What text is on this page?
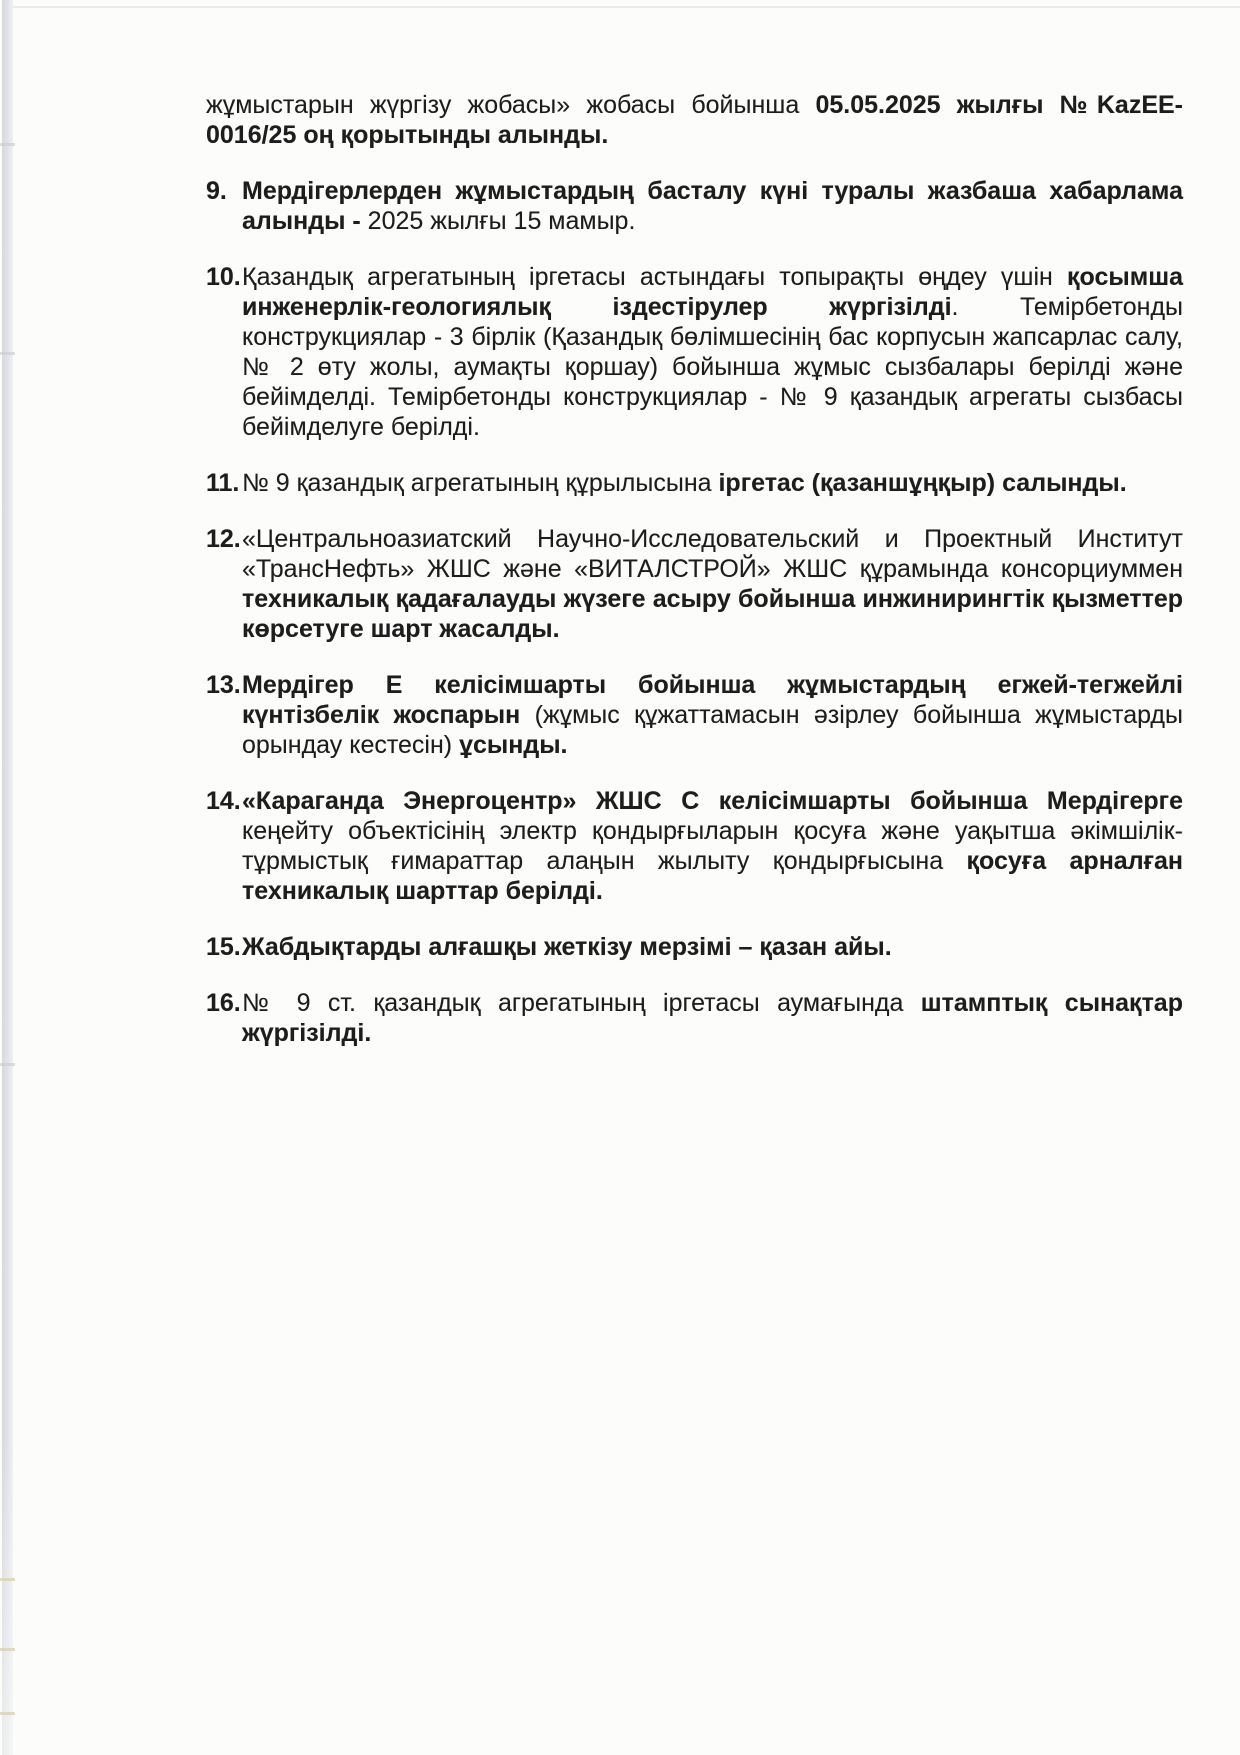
жұмыстарын жүргізу жобасы» жобасы бойынша 05.05.2025 жылғы №KazEE-0016/25 оң қорытынды алынды.

9. Мердігерлерден жұмыстардың басталу күні туралы жазбаша хабарлама алынды - 2025 жылғы 15 мамыр.
10. Қазандық агрегатының іргетасы астындағы топырақты өңдеу үшін қосымша инженерлік-геологиялық іздестірулер жүргізілді. Темірбетонды конструкциялар - 3 бірлік (Қазандық бөлімшесінің бас корпусын жапсарлас салу, № 2 өту жолы, аумақты қоршау) бойынша жұмыс сызбалары берілді және бейімделді. Темірбетонды конструкциялар - № 9 қазандық агрегаты сызбасы бейімделуге берілді.
11. № 9 қазандық агрегатының құрылысына іргетас (қазаншұңқыр) салынды.
12. «Центральноазиатский Научно-Исследовательский и Проектный Институт «ТрансНефть» ЖШС және «ВИТАЛСТРОЙ» ЖШС құрамында консорциуммен техникалық қадағалауды жүзеге асыру бойынша инжинирингтік қызметтер көрсетуге шарт жасалды.
13. Мердігер Е келісімшарты бойынша жұмыстардың егжей-тегжейлі күнтізбелік жоспарын (жұмыс құжаттамасын әзірлеу бойынша жұмыстарды орындау кестесін) ұсынды.
14. «Караганда Энергоцентр» ЖШС С келісімшарты бойынша Мердігерге кеңейту объектісінің электр қондырғыларын қосуға және уақытша әкімшілік-тұрмыстық ғимараттар алаңын жылыту қондырғысына қосуға арналған техникалық шарттар берілді.
15. Жабдықтарды алғашқы жеткізу мерзімі – қазан айы.
16. № 9 ст. қазандық агрегатының іргетасы аумағында штамптық сынақтар жүргізілді.
